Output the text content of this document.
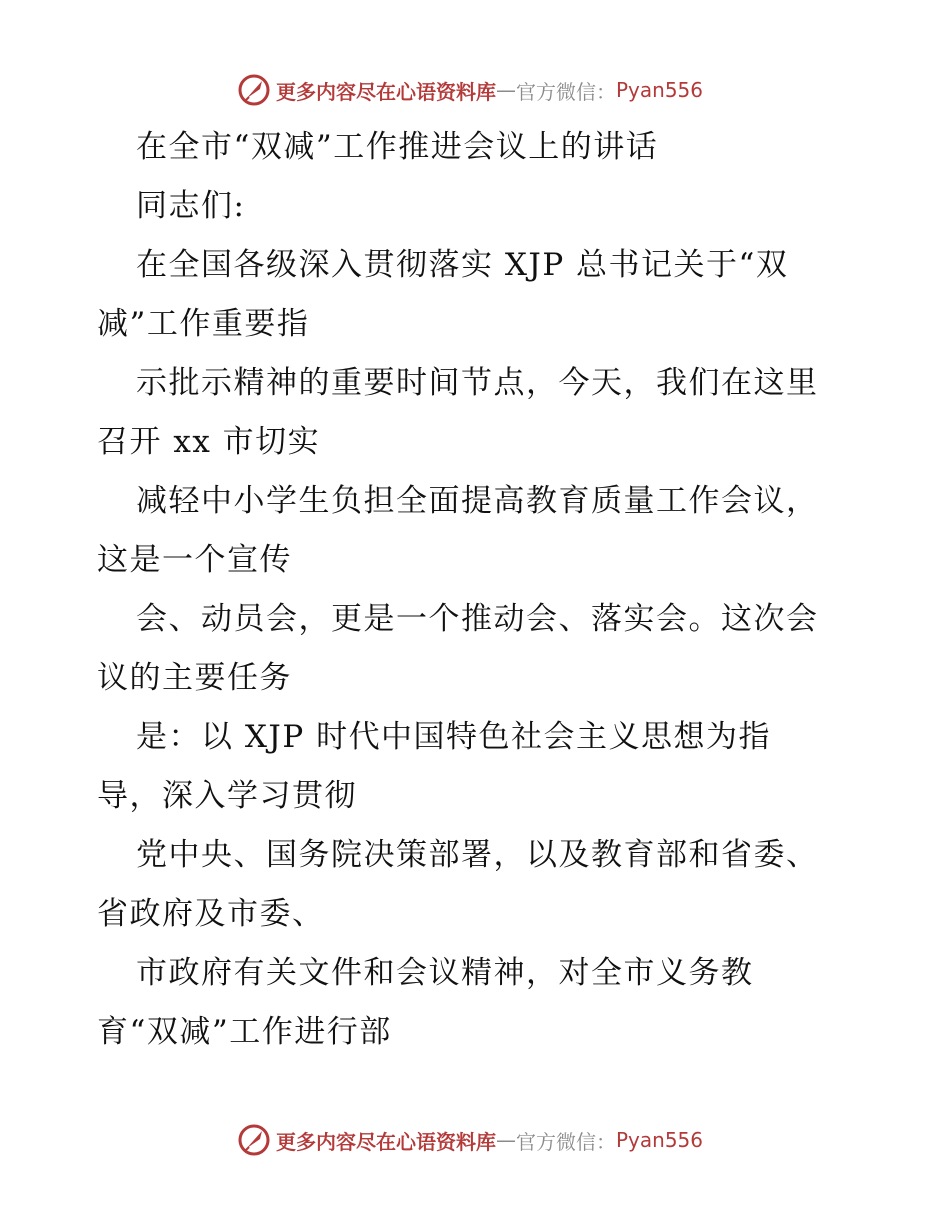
更多内容尽在心语资料库 — 官方微信： Pyan556
在全市“双减”工作推进会议上的讲话
同志们:
在全国各级深入贯彻落实 XJP 总书记关于“双
减”工作重要指
示批示精神的重要时间节点，今天，我们在这里
召开 xx 市切实
减轻中小学生负担全面提高教育质量工作会议，
这是一个宣传
会、动员会，更是一个推动会、落实会。这次会
议的主要任务
是：以 XJP 时代中国特色社会主义思想为指
导，深入学习贯彻
党中央、国务院决策部署，以及教育部和省委、
省政府及市委、
市政府有关文件和会议精神，对全市义务教
育“双减”工作进行部
更多内容尽在心语资料库 — 官方微信： Pyan556
